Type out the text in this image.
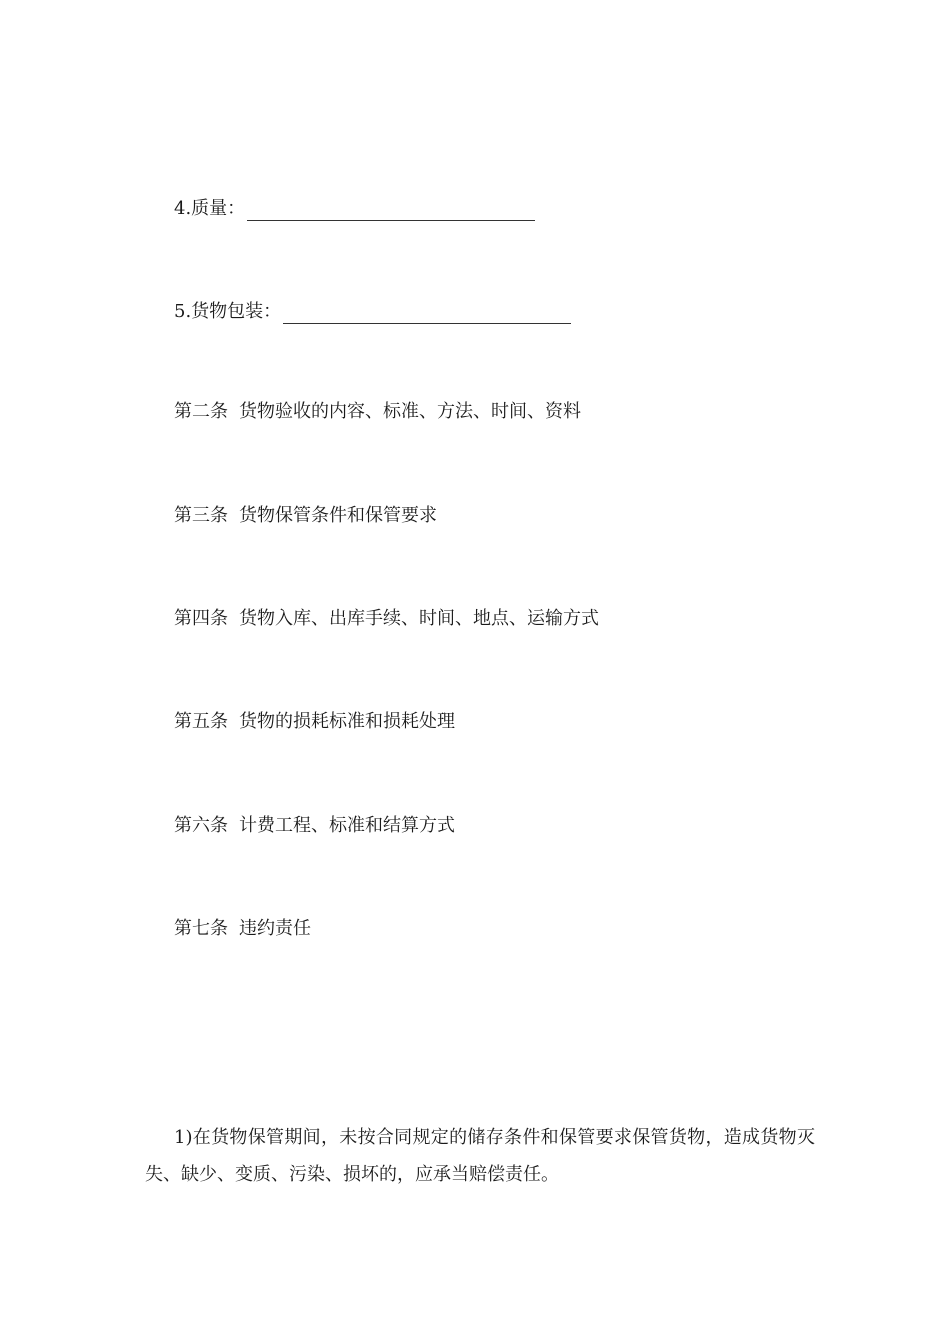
4.质量：
5.货物包装：
第二条 货物验收的内容、标准、方法、时间、资料
第三条 货物保管条件和保管要求
第四条 货物入库、出库手续、时间、地点、运输方式
第五条 货物的损耗标准和损耗处理
第六条 计费工程、标准和结算方式
第七条 违约责任
1)在货物保管期间，未按合同规定的储存条件和保管要求保管货物，造成货物灭失、缺少、变质、污染、损坏的，应承当赔偿责任。
